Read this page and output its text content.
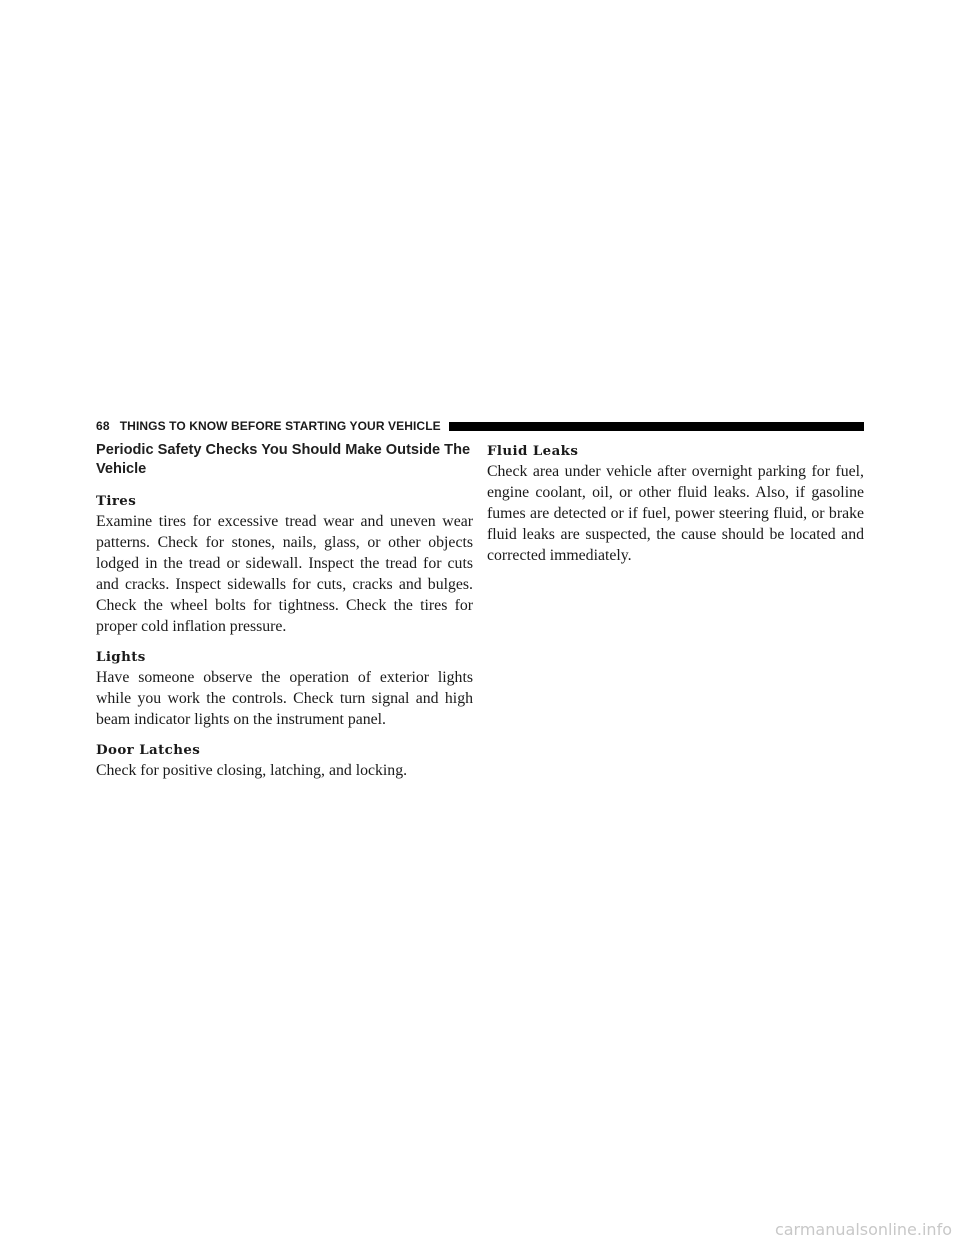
68 THINGS TO KNOW BEFORE STARTING YOUR VEHICLE
Periodic Safety Checks You Should Make Outside The Vehicle
Tires

Examine tires for excessive tread wear and uneven wear patterns. Check for stones, nails, glass, or other objects lodged in the tread or sidewall. Inspect the tread for cuts and cracks. Inspect sidewalls for cuts, cracks and bulges. Check the wheel bolts for tightness. Check the tires for proper cold inflation pressure.

Lights

Have someone observe the operation of exterior lights while you work the controls. Check turn signal and high beam indicator lights on the instrument panel.

Door Latches

Check for positive closing, latching, and locking.

Fluid Leaks

Check area under vehicle after overnight parking for fuel, engine coolant, oil, or other fluid leaks. Also, if gasoline fumes are detected or if fuel, power steering fluid, or brake fluid leaks are suspected, the cause should be located and corrected immediately.

carmanualsonline.info
